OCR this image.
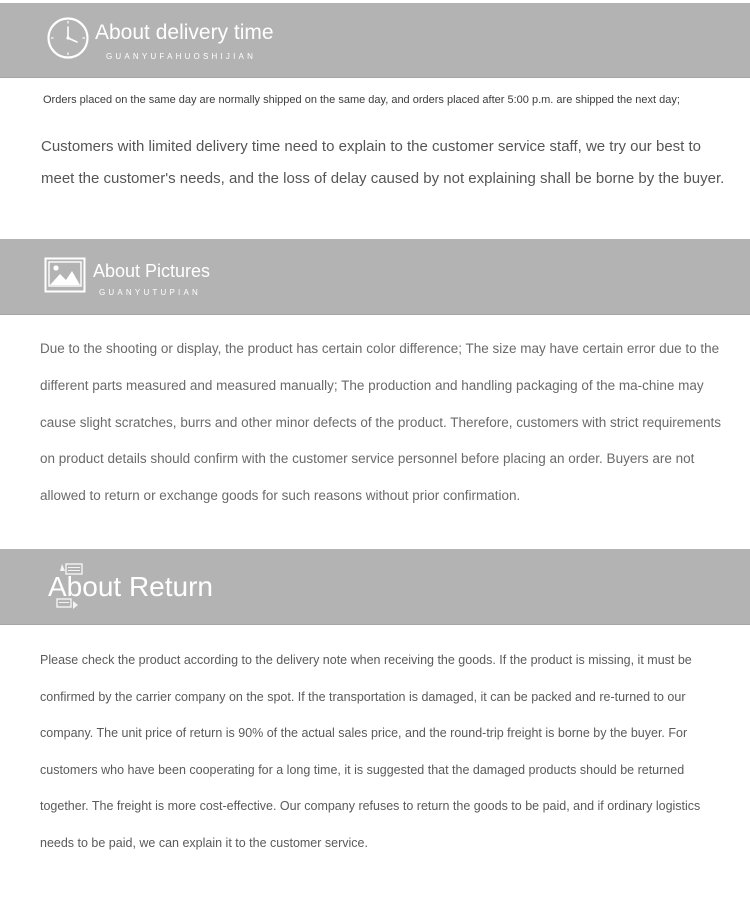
About delivery time
GUANYUFAHUOSHIJIAN

Orders placed on the same day are normally shipped on the same day, and orders placed after 5:00 p.m. are shipped the next day;

Customers with limited delivery time need to explain to the customer service staff, we try our best to meet the customer's needs, and the loss of delay caused by not explaining shall be borne by the buyer.

About Pictures
GUANYUTUPIAN

Due to the shooting or display, the product has certain color difference; The size may have certain error due to the different parts measured and measured manually; The production and handling packaging of the ma-chine may cause slight scratches, burrs and other minor defects of the product. Therefore, customers with strict requirements on product details should confirm with the customer service personnel before placing an order. Buyers are not allowed to return or exchange goods for such reasons without prior confirmation.

About Return

Please check the product according to the delivery note when receiving the goods. If the product is missing, it must be confirmed by the carrier company on the spot. If the transportation is damaged, it can be packed and re-turned to our company. The unit price of return is 90% of the actual sales price, and the round-trip freight is borne by the buyer. For customers who have been cooperating for a long time, it is suggested that the damaged products should be returned together. The freight is more cost-effective. Our company refuses to return the goods to be paid, and if ordinary logistics needs to be paid, we can explain it to the customer service.
